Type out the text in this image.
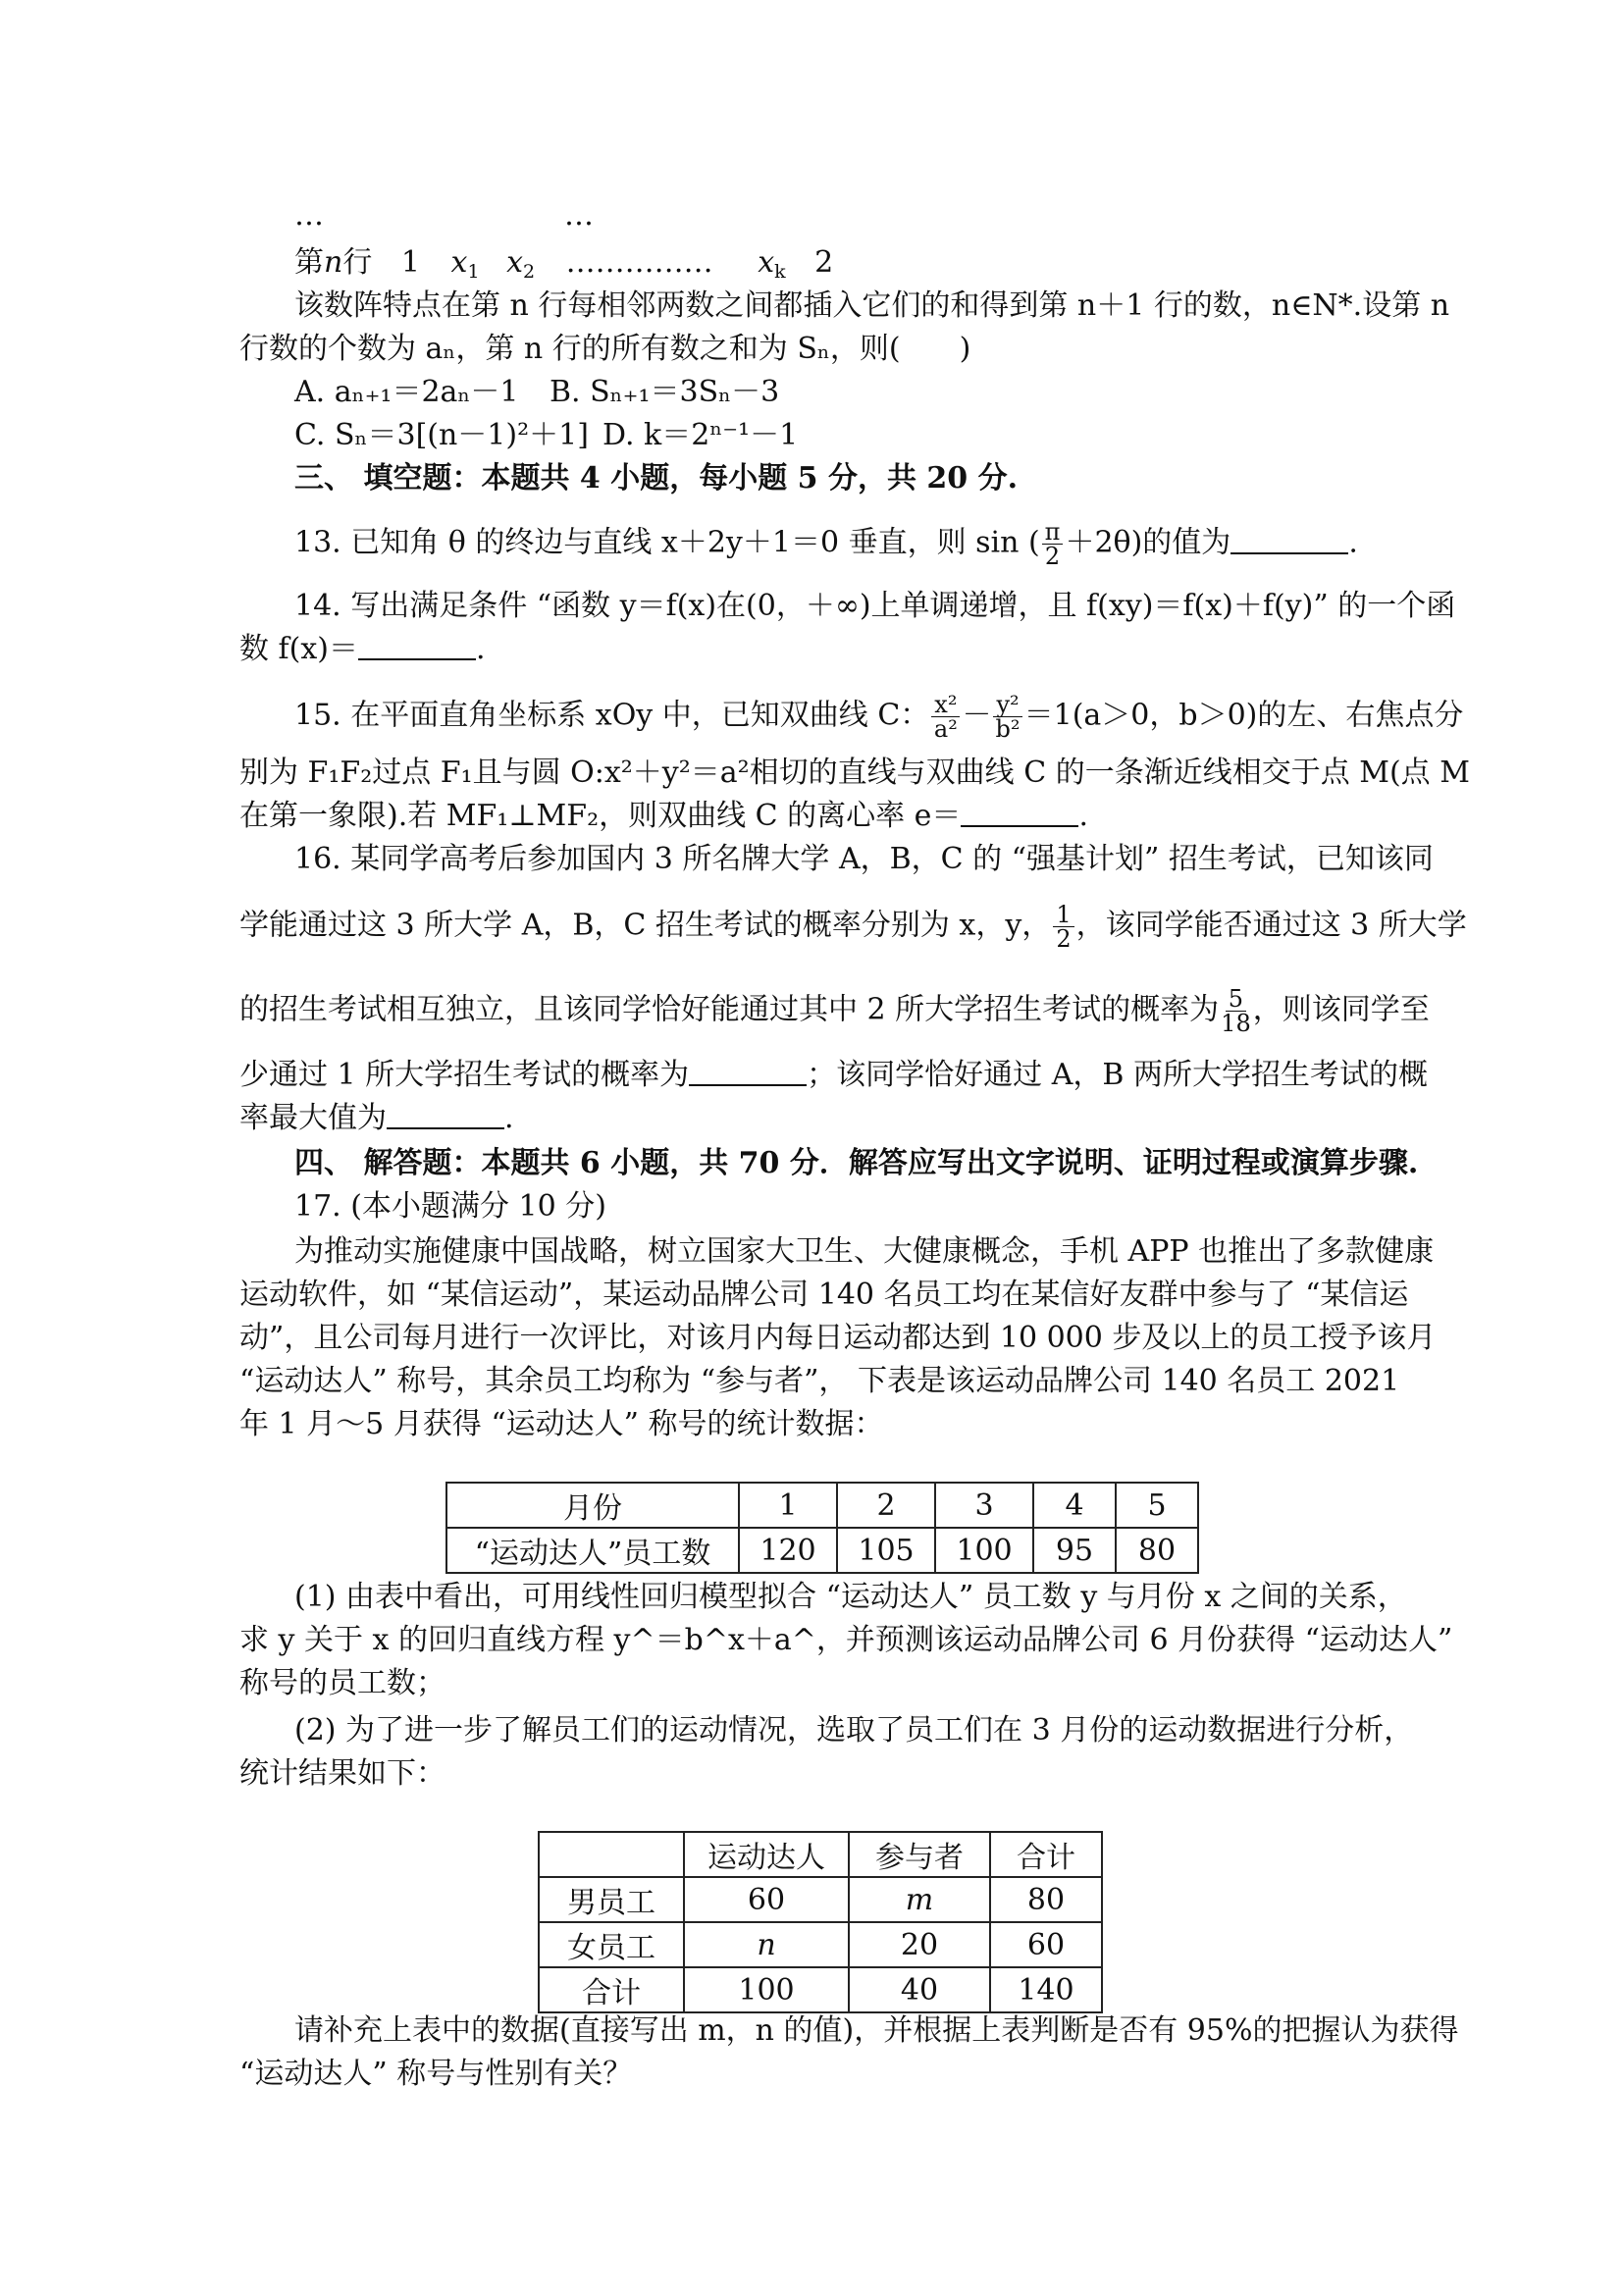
…	…
第n行 1 $x_1$ $x_2$ …………… $x_k$ 2
该数阵特点在第 n 行每相邻两数之间都插入它们的和得到第 n＋1 行的数，n∈N*.设第 n
行数的个数为 aₙ，第 n 行的所有数之和为 Sₙ，则(　　)
A. aₙ₊₁＝2aₙ－1 B. Sₙ₊₁＝3Sₙ－3
C. Sₙ＝3[(n－1)²＋1] D. k＝2ⁿ⁻¹－1
三、 填空题：本题共 4 小题，每小题 5 分，共 20 分.
13. 已知角 θ 的终边与直线 x＋2y＋1＝0 垂直，则 sin ( $\frac{\pi}{2} +2\theta$)的值为	.
14. 写出满足条件 “函数 y＝f(x)在(0，＋∞)上单调递增，且 f(xy)＝f(x)＋f(y)” 的一个函
数 f(x)＝	.
15. 在平面直角坐标系 xOy 中，已知双曲线 C： $\frac{\text{x²}}{\text{a²}} - \frac{\text{y²}}{\text{b²}} =1(a>0$，b＞0)的左、右焦点分
别为 F₁F₂过点 F₁且与圆 O:x²＋y²＝a²相切的直线与双曲线 C 的一条渐近线相交于点 M(点 M
在第一象限).若 MF₁⊥MF₂，则双曲线 C 的离心率 e＝	.
16. 某同学高考后参加国内 3 所名牌大学 A，B，C 的 “强基计划” 招生考试，已知该同
学能通过这 3 所大学 A，B，C 招生考试的概率分别为 x，y， $\frac{1}{2}$ ，该同学能否通过这 3 所大学
的招生考试相互独立，且该同学恰好能通过其中 2 所大学招生考试的概率为 $\frac{5}{18}$ ，则该同学至
少通过 1 所大学招生考试的概率为	；该同学恰好通过 A，B 两所大学招生考试的概
率最大值为	.
四、 解答题：本题共 6 小题，共 70 分．解答应写出文字说明、证明过程或演算步骤.
17. (本小题满分 10 分)
为推动实施健康中国战略，树立国家大卫生、大健康概念，手机 APP 也推出了多款健康
运动软件，如 “某信运动”，某运动品牌公司 140 名员工均在某信好友群中参与了 “某信运
动”，且公司每月进行一次评比，对该月内每日运动都达到 10 000 步及以上的员工授予该月
“运动达人” 称号，其余员工均称为 “参与者”， 下表是该运动品牌公司 140 名员工 2021
年 1 月～5 月获得 “运动达人” 称号的统计数据：
月份	1	2	3	4	5
“运动达人”员工数	120	105	100	95	80
(1) 由表中看出，可用线性回归模型拟合 “运动达人” 员工数 y 与月份 x 之间的关系，
求 y 关于 x 的回归直线方程 y^＝b^x＋a^，并预测该运动品牌公司 6 月份获得 “运动达人”
称号的员工数；
(2) 为了进一步了解员工们的运动情况，选取了员工们在 3 月份的运动数据进行分析，
统计结果如下：
	运动达人	参与者	合计
男员工	60	m	80
女员工	n	20	60
合计	100	40	140
请补充上表中的数据(直接写出 m，n 的值)，并根据上表判断是否有 95%的把握认为获得
“运动达人” 称号与性别有关？
